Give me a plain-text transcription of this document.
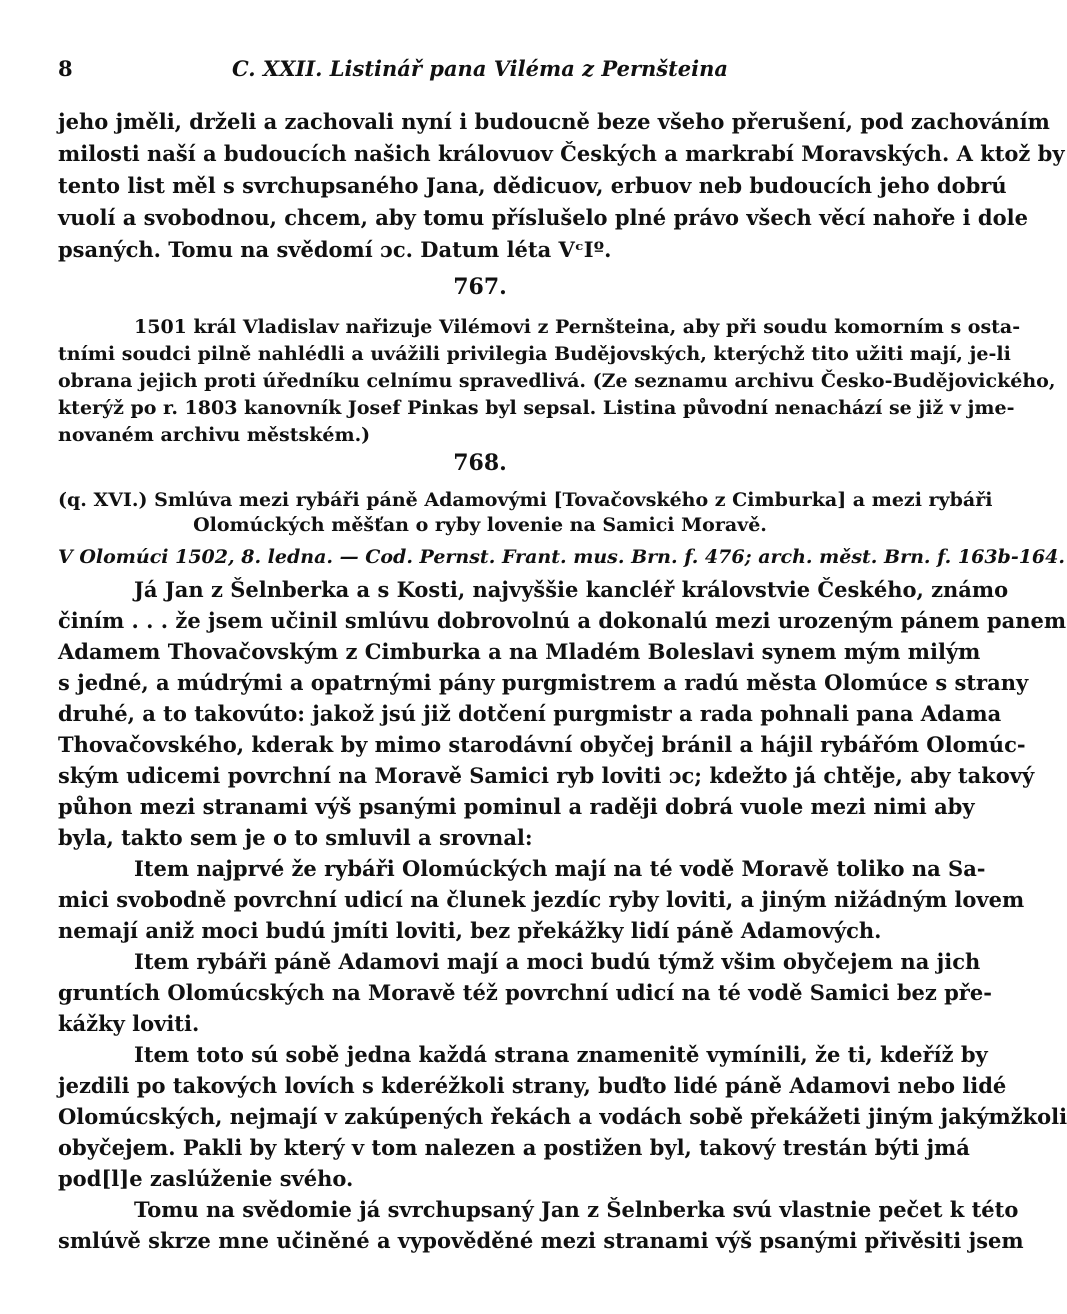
8	C. XXII. Listinář pana Viléma z Pernšteina
jeho jměli, drželi a zachovali nyní i budoucně beze všeho přerušení, pod zachováním
milosti naší a budoucích našich královuov Českých a markrabí Moravských. A ktož by
tento list měl s svrchupsaného Jana, dědicuov, erbuov neb budoucích jeho dobrú
vuolí a svobodnou, chcem, aby tomu příslušelo plné právo všech věcí nahoře i dole
psaných. Tomu na svědomí ɔc. Datum léta VᶜIº.
767.
1501 král Vladislav nařizuje Vilémovi z Pernšteina, aby při soudu komorním s osta-
tními soudci pilně nahlédli a uvážili privilegia Budějovských, kterýchž tito užiti mají, je-li
obrana jejich proti úředníku celnímu spravedlivá. (Ze seznamu archivu Česko-Budějovického,
kterýž po r. 1803 kanovník Josef Pinkas byl sepsal. Listina původní nenachází se již v jme-
novaném archivu městském.)
768.
(q. XVI.) Smlúva mezi rybáři páně Adamovými [Tovačovského z Cimburka] a mezi rybáři
Olomúckých měšťan o ryby lovenie na Samici Moravě.
V Olomúci 1502, 8. ledna. — Cod. Pernst. Frant. mus. Brn. f. 476; arch. měst. Brn. f. 163b-164.
Já Jan z Šelnberka a s Kosti, najvyššie kancléř královstvie Českého, známo
činím . . . že jsem učinil smlúvu dobrovolnú a dokonalú mezi urozeným pánem panem
Adamem Thovačovským z Cimburka a na Mladém Boleslavi synem mým milým
s jedné, a múdrými a opatrnými pány purgmistrem a radú města Olomúce s strany
druhé, a to takovúto: jakož jsú již dotčení purgmistr a rada pohnali pana Adama
Thovačovského, kderak by mimo starodávní obyčej bránil a hájil rybářóm Olomúc-
ským udicemi povrchní na Moravě Samici ryb loviti ɔc; kdežto já chtěje, aby takový
půhon mezi stranami výš psanými pominul a raději dobrá vuole mezi nimi aby
byla, takto sem je o to smluvil a srovnal:
Item najprvé že rybáři Olomúckých mají na té vodě Moravě toliko na Sa-
mici svobodně povrchní udicí na člunek jezdíc ryby loviti, a jiným nižádným lovem
nemají aniž moci budú jmíti loviti, bez překážky lidí páně Adamových.
Item rybáři páně Adamovi mají a moci budú týmž všim obyčejem na jich
gruntích Olomúcských na Moravě též povrchní udicí na té vodě Samici bez pře-
kážky loviti.
Item toto sú sobě jedna každá strana znamenitě vymínili, že ti, kdeříž by
jezdili po takových lovích s kderéžkoli strany, buďto lidé páně Adamovi nebo lidé
Olomúcských, nejmají v zakúpených řekách a vodách sobě překážeti jiným jakýmžkoli
obyčejem. Pakli by který v tom nalezen a postižen byl, takový trestán býti jmá
pod[l]e zaslúženie svého.
Tomu na svědomie já svrchupsaný Jan z Šelnberka svú vlastnie pečet k této
smlúvě skrze mne učiněné a vypověděné mezi stranami výš psanými přivěsiti jsem
